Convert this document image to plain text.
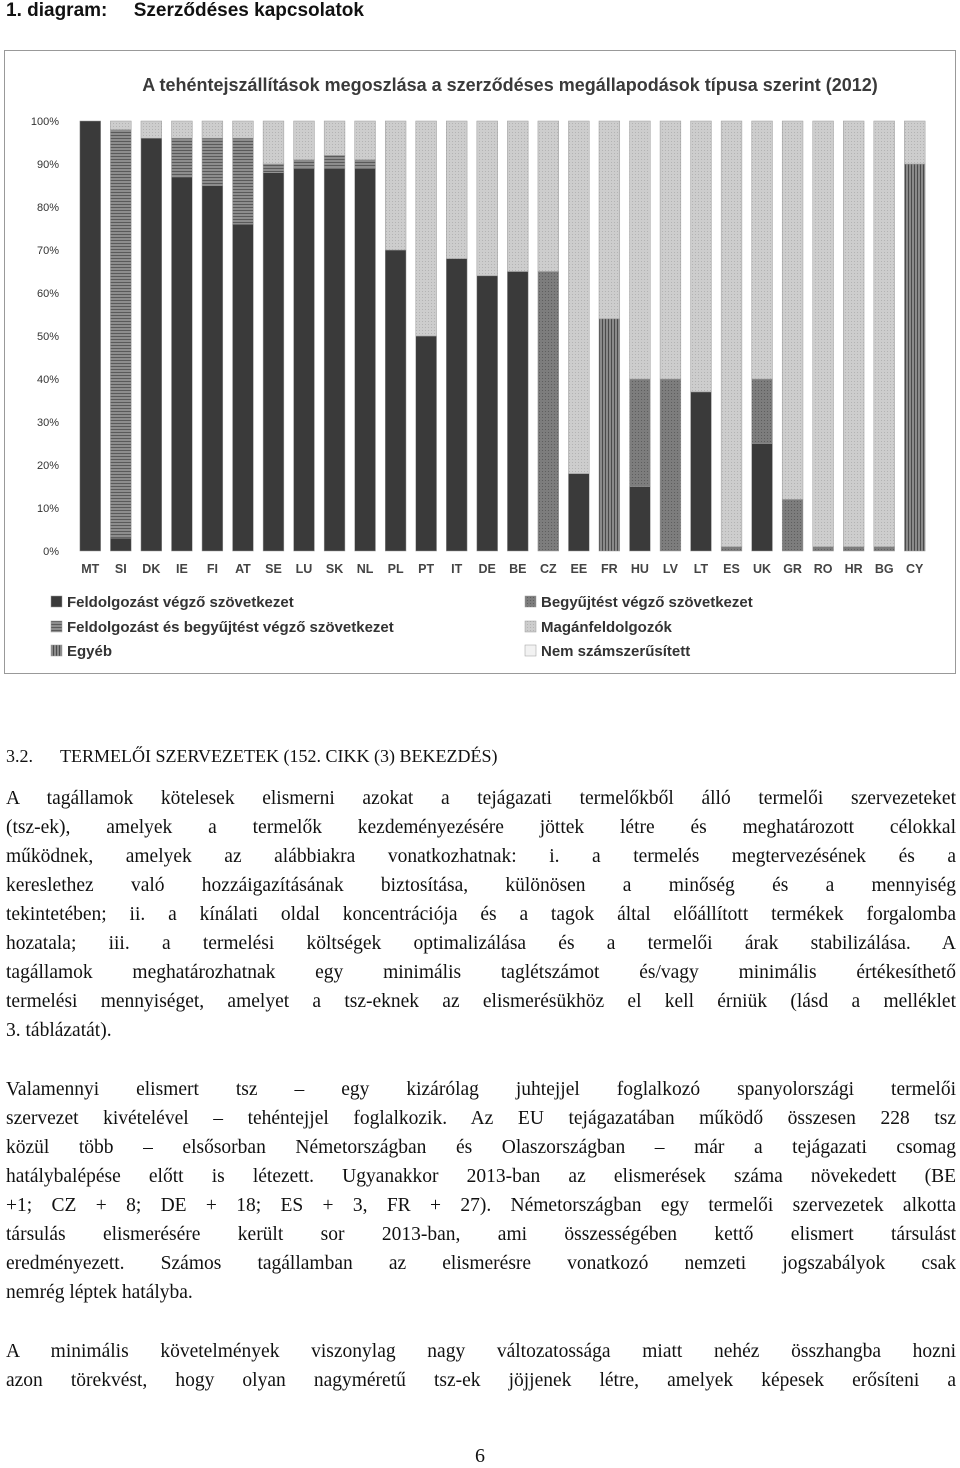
1. diagram:     Szerződéses kapcsolatok
A tehéntejszállítások megoszlása a szerződéses megállapodások típusa szerint (2012)
0%
10%
20%
30%
40%
50%
60%
70%
80%
90%
100%
MT SI DK IE FI AT SE LU SK NL PL PT IT DE BE CZ EE FR HU LV LT ES UK GR RO HR BG CY
Feldolgozást végző szövetkezet
Feldolgozást és begyűjtést végző szövetkezet
Egyéb
Begyűjtést végző szövetkezet
Magánfeldolgozók
Nem számszerűsített
3.2. TERMELŐI SZERVEZETEK (152. CIKK (3) BEKEZDÉS)
A tagállamok kötelesek elismerni azokat a tejágazati termelőkből álló termelői szervezeteket
(tsz-ek), amelyek a termelők kezdeményezésére jöttek létre és meghatározott célokkal
működnek, amelyek az alábbiakra vonatkozhatnak: i. a termelés megtervezésének és a
kereslethez való hozzáigazításának biztosítása, különösen a minőség és a mennyiség
tekintetében; ii. a kínálati oldal koncentrációja és a tagok által előállított termékek forgalomba
hozatala; iii. a termelési költségek optimalizálása és a termelői árak stabilizálása. A
tagállamok meghatározhatnak egy minimális taglétszámot és/vagy minimális értékesíthető
termelési mennyiséget, amelyet a tsz-eknek az elismerésükhöz el kell érniük (lásd a melléklet
3. táblázatát).
Valamennyi elismert tsz – egy kizárólag juhtejjel foglalkozó spanyolországi termelői
szervezet kivételével – tehéntejjel foglalkozik. Az EU tejágazatában működő összesen 228 tsz
közül több – elsősorban Németországban és Olaszországban – már a tejágazati csomag
hatálybalépése előtt is létezett. Ugyanakkor 2013-ban az elismerések száma növekedett (BE
+1; CZ + 8; DE + 18; ES + 3, FR + 27). Németországban egy termelői szervezetek alkotta
társulás elismerésére került sor 2013-ban, ami összességében kettő elismert társulást
eredményezett. Számos tagállamban az elismerésre vonatkozó nemzeti jogszabályok csak
nemrég léptek hatályba.
A minimális követelmények viszonylag nagy változatossága miatt nehéz összhangba hozni
azon törekvést, hogy olyan nagyméretű tsz-ek jöjjenek létre, amelyek képesek erősíteni a
6
